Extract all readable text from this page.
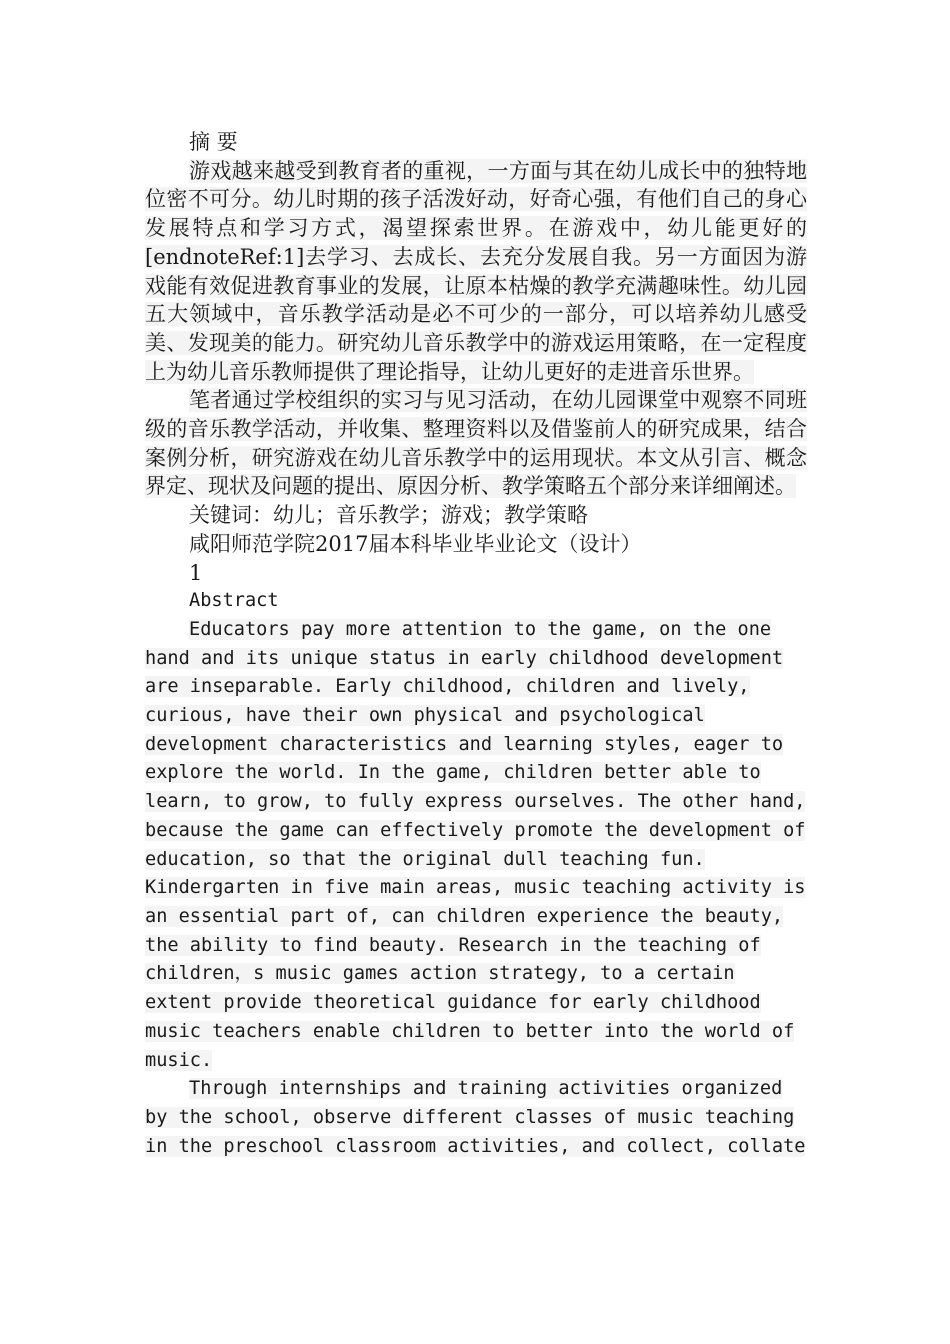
摘 要

游戏越来越受到教育者的重视，一方面与其在幼儿成长中的独特地位密不可分。幼儿时期的孩子活泼好动，好奇心强，有他们自己的身心发展特点和学习方式，渴望探索世界。在游戏中，幼儿能更好的[endnoteRef:1]去学习、去成长、去充分发展自我。另一方面因为游戏能有效促进教育事业的发展，让原本枯燥的教学充满趣味性。幼儿园五大领域中，音乐教学活动是必不可少的一部分，可以培养幼儿感受美、发现美的能力。研究幼儿音乐教学中的游戏运用策略，在一定程度上为幼儿音乐教师提供了理论指导，让幼儿更好的走进音乐世界。

笔者通过学校组织的实习与见习活动，在幼儿园课堂中观察不同班级的音乐教学活动，并收集、整理资料以及借鉴前人的研究成果，结合案例分析，研究游戏在幼儿音乐教学中的运用现状。本文从引言、概念界定、现状及问题的提出、原因分析、教学策略五个部分来详细阐述。

关键词：幼儿；音乐教学；游戏；教学策略

咸阳师范学院2017届本科毕业毕业论文（设计）

1

Abstract

Educators pay more attention to the game, on the one

hand and its unique status in early childhood development

are inseparable. Early childhood, children and lively,

curious, have their own physical and psychological

development characteristics and learning styles, eager to

explore the world. In the game, children better able to

learn, to grow, to fully express ourselves. The other hand,

because the game can effectively promote the development of

education, so that the original dull teaching fun.

Kindergarten in five main areas, music teaching activity is

an essential part of, can children experience the beauty,

the ability to find beauty. Research in the teaching of

children，s music games action strategy, to a certain

extent provide theoretical guidance for early childhood

music teachers enable children to better into the world of

music.

Through internships and training activities organized

by the school, observe different classes of music teaching

in the preschool classroom activities, and collect, collate
